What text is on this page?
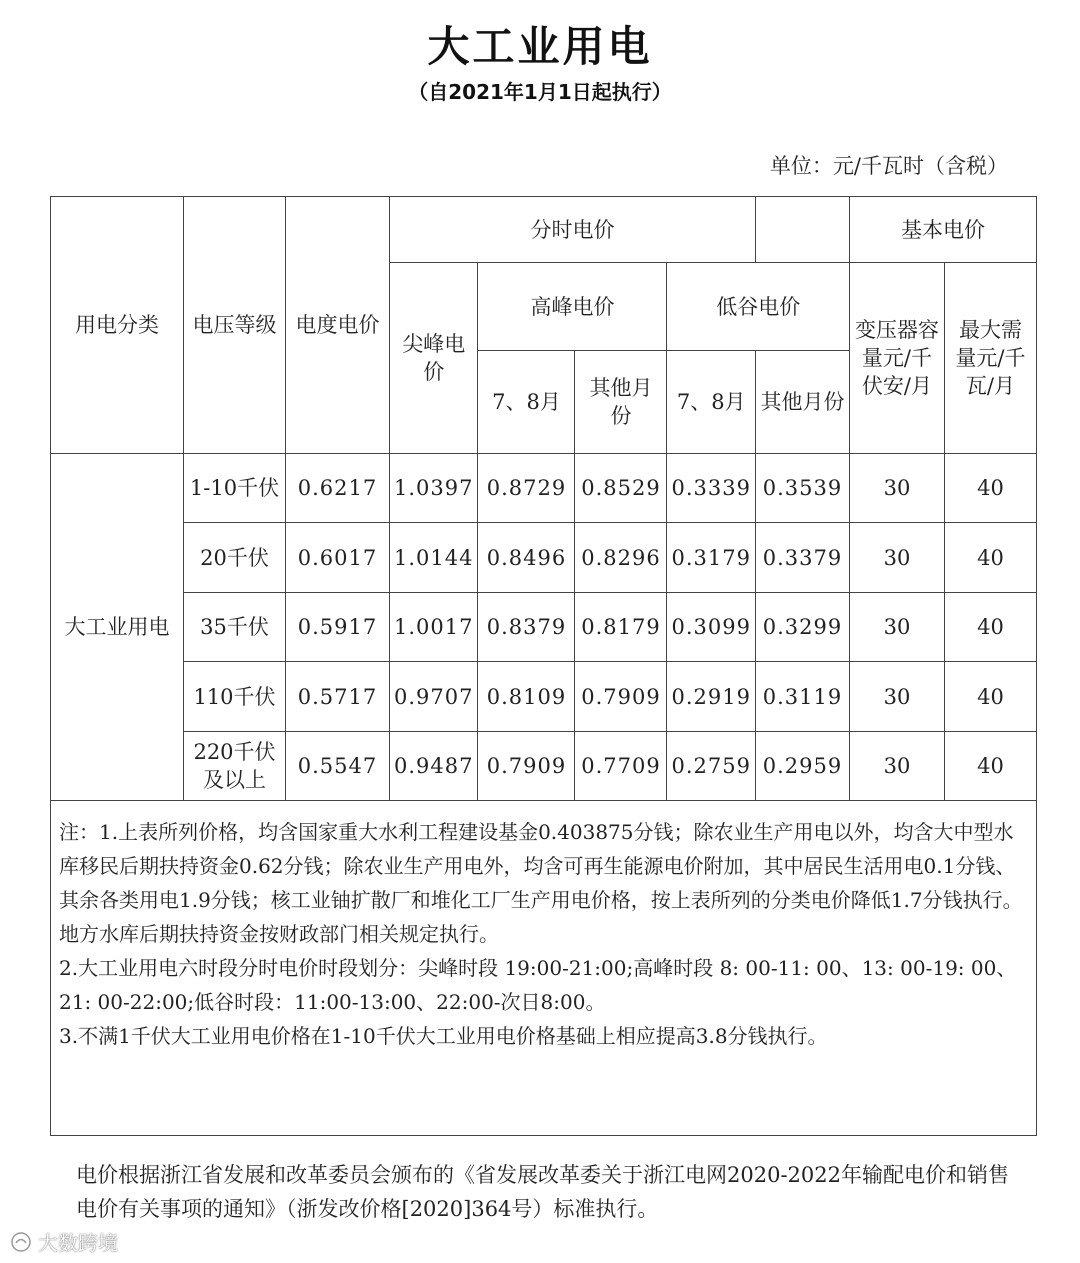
大工业用电
（自2021年1月1日起执行）
单位：元/千瓦时（含税）
用电分类	电压等级	电度电价	分时电价					基本电价	
			尖峰电价	高峰电价		低谷电价		变压器容量元/千伏安/月	最大需量元/千瓦/月
				7、8月	其他月份	7、8月	其他月份		
大工业用电	1-10千伏	0.6217	1.0397	0.8729	0.8529	0.3339	0.3539	30	40
	20千伏	0.6017	1.0144	0.8496	0.8296	0.3179	0.3379	30	40
	35千伏	0.5917	1.0017	0.8379	0.8179	0.3099	0.3299	30	40
	110千伏	0.5717	0.9707	0.8109	0.7909	0.2919	0.3119	30	40
	220千伏及以上	0.5547	0.9487	0.7909	0.7709	0.2759	0.2959	30	40

注：1.上表所列价格，均含国家重大水利工程建设基金0.403875分钱；除农业生产用电以外，均含大中型水库移民后期扶持资金0.62分钱；除农业生产用电外，均含可再生能源电价附加，其中居民生活用电0.1分钱、其余各类用电1.9分钱；核工业铀扩散厂和堆化工厂生产用电价格，按上表所列的分类电价降低1.7分钱执行。地方水库后期扶持资金按财政部门相关规定执行。
2.大工业用电六时段分时电价时段划分：尖峰时段 19:00-21:00;高峰时段 8: 00-11: 00、13: 00-19: 00、21: 00-22:00;低谷时段：11:00-13:00、22:00-次日8:00。
3.不满1千伏大工业用电价格在1-10千伏大工业用电价格基础上相应提高3.8分钱执行。									
电价根据浙江省发展和改革委员会颁布的《省发展改革委关于浙江电网2020-2022年输配电价和销售电价有关事项的通知》（浙发改价格[2020]364号）标准执行。
大数跨境
